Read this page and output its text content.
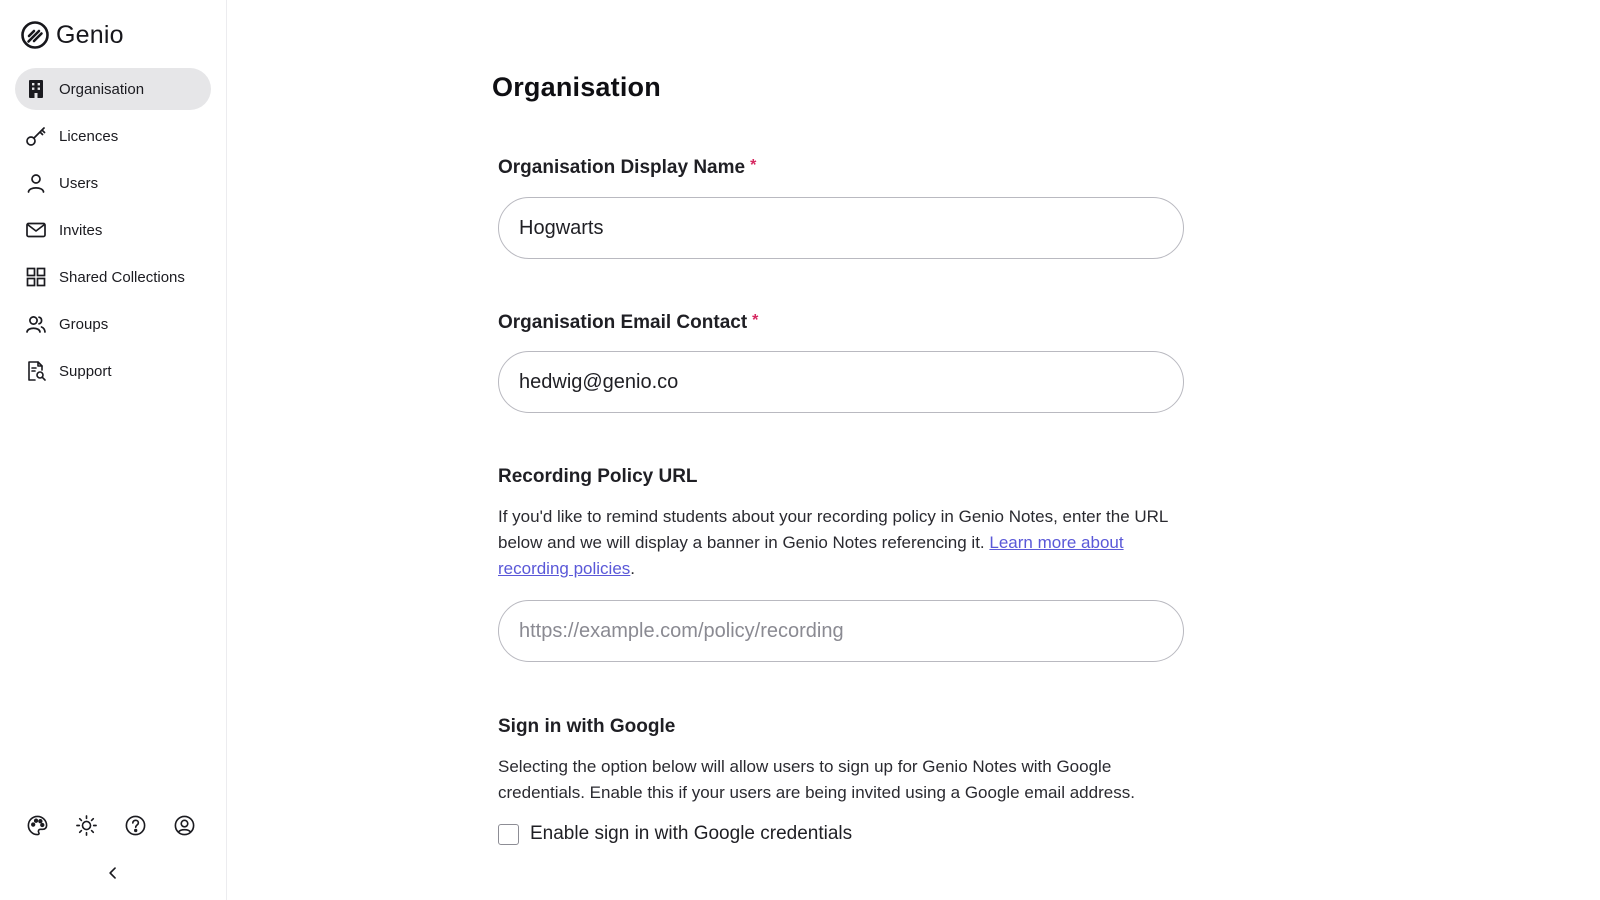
Genio
Organisation
Licences
Users
Invites
Shared Collections
Groups
Support
Organisation
Organisation Display Name *
Hogwarts
Organisation Email Contact *
hedwig@genio.co
Recording Policy URL

If you'd like to remind students about your recording policy in Genio Notes, enter the URL below and we will display a banner in Genio Notes referencing it. Learn more about recording policies.

https://example.com/policy/recording
Sign in with Google

Selecting the option below will allow users to sign up for Genio Notes with Google credentials. Enable this if your users are being invited using a Google email address.

Enable sign in with Google credentials
